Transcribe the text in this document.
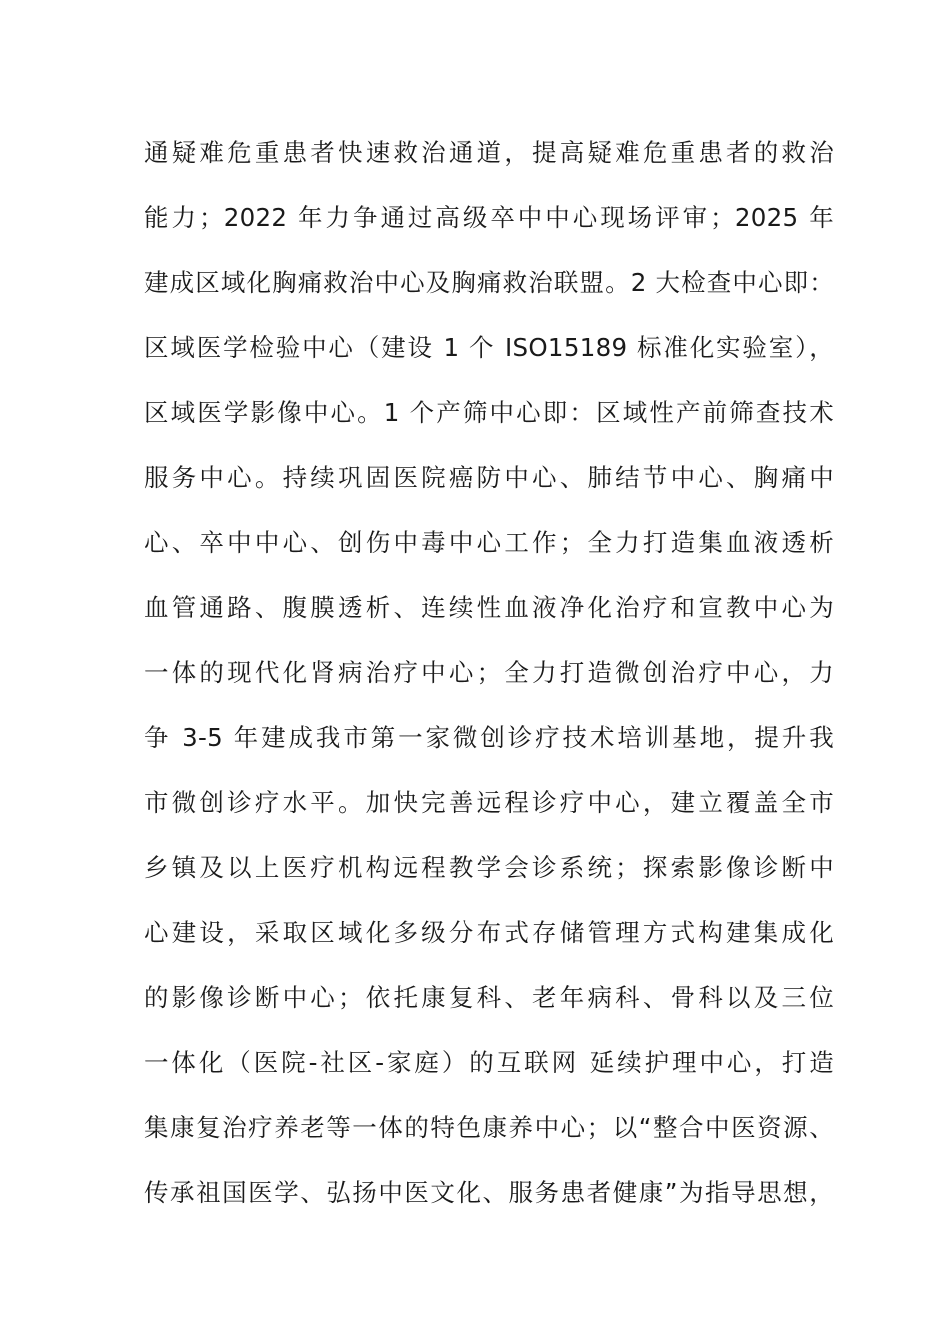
通疑难危重患者快速救治通道，提高疑难危重患者的救治
能力；2022 年力争通过高级卒中中心现场评审；2025 年
建成区域化胸痛救治中心及胸痛救治联盟。2 大检查中心即：
区域医学检验中心（建设 1 个 ISO15189 标准化实验室），
区域医学影像中心。1 个产筛中心即：区域性产前筛查技术
服务中心。持续巩固医院癌防中心、肺结节中心、胸痛中
心、卒中中心、创伤中毒中心工作；全力打造集血液透析
血管通路、腹膜透析、连续性血液净化治疗和宣教中心为
一体的现代化肾病治疗中心；全力打造微创治疗中心，力
争 3-5 年建成我市第一家微创诊疗技术培训基地，提升我
市微创诊疗水平。加快完善远程诊疗中心，建立覆盖全市
乡镇及以上医疗机构远程教学会诊系统；探索影像诊断中
心建设，采取区域化多级分布式存储管理方式构建集成化
的影像诊断中心；依托康复科、老年病科、骨科以及三位
一体化（医院-社区-家庭）的互联网 延续护理中心，打造
集康复治疗养老等一体的特色康养中心；以“整合中医资源、
传承祖国医学、弘扬中医文化、服务患者健康”为指导思想，
